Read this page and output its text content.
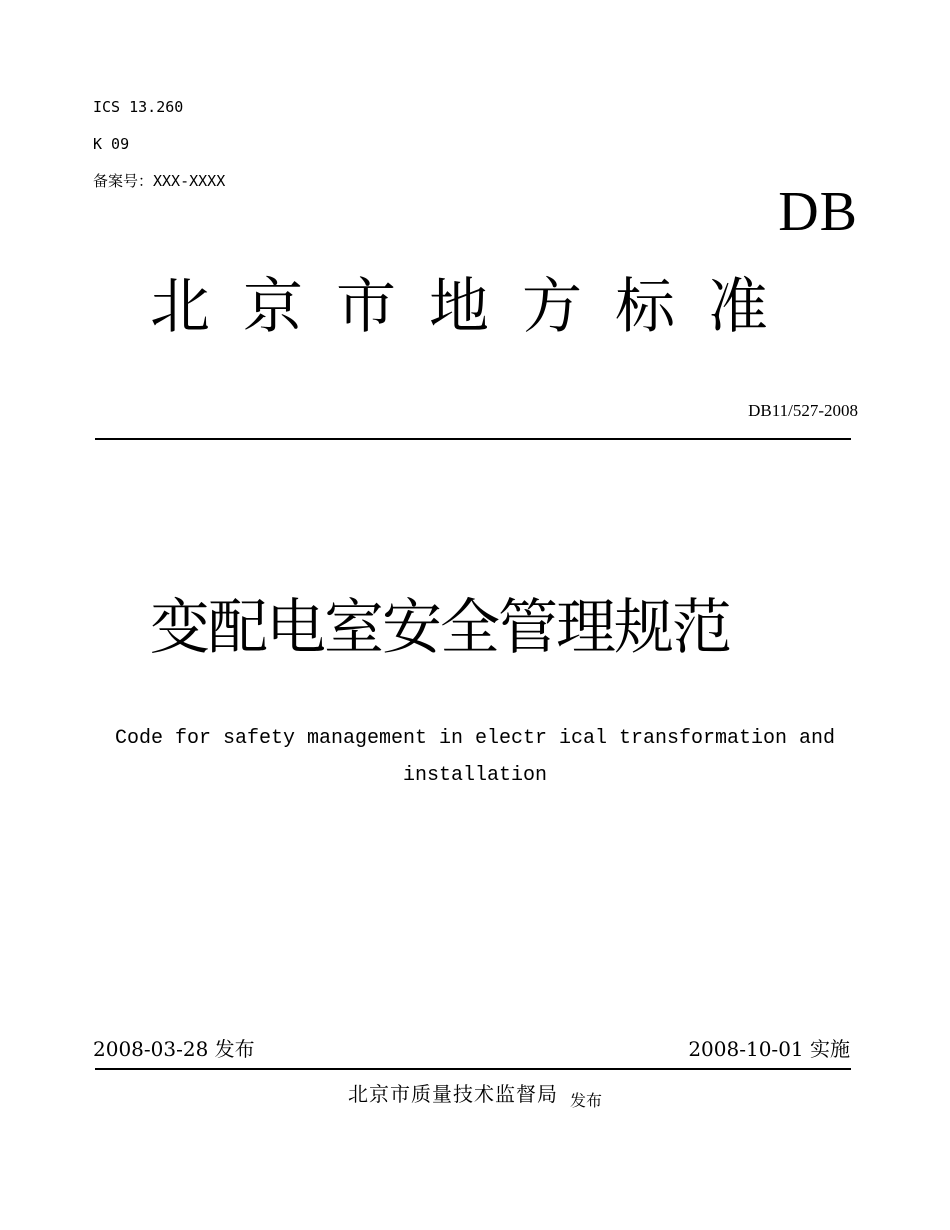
ICS 13.260
K 09
备案号：XXX-XXXX	DB
北京市地方标准
DB11/527-2008
变配电室安全管理规范
Code for safety management in electr ical transformation and installation
2008-03-28 发布	2008-10-01 实施
北京市质量技术监督局 发布
